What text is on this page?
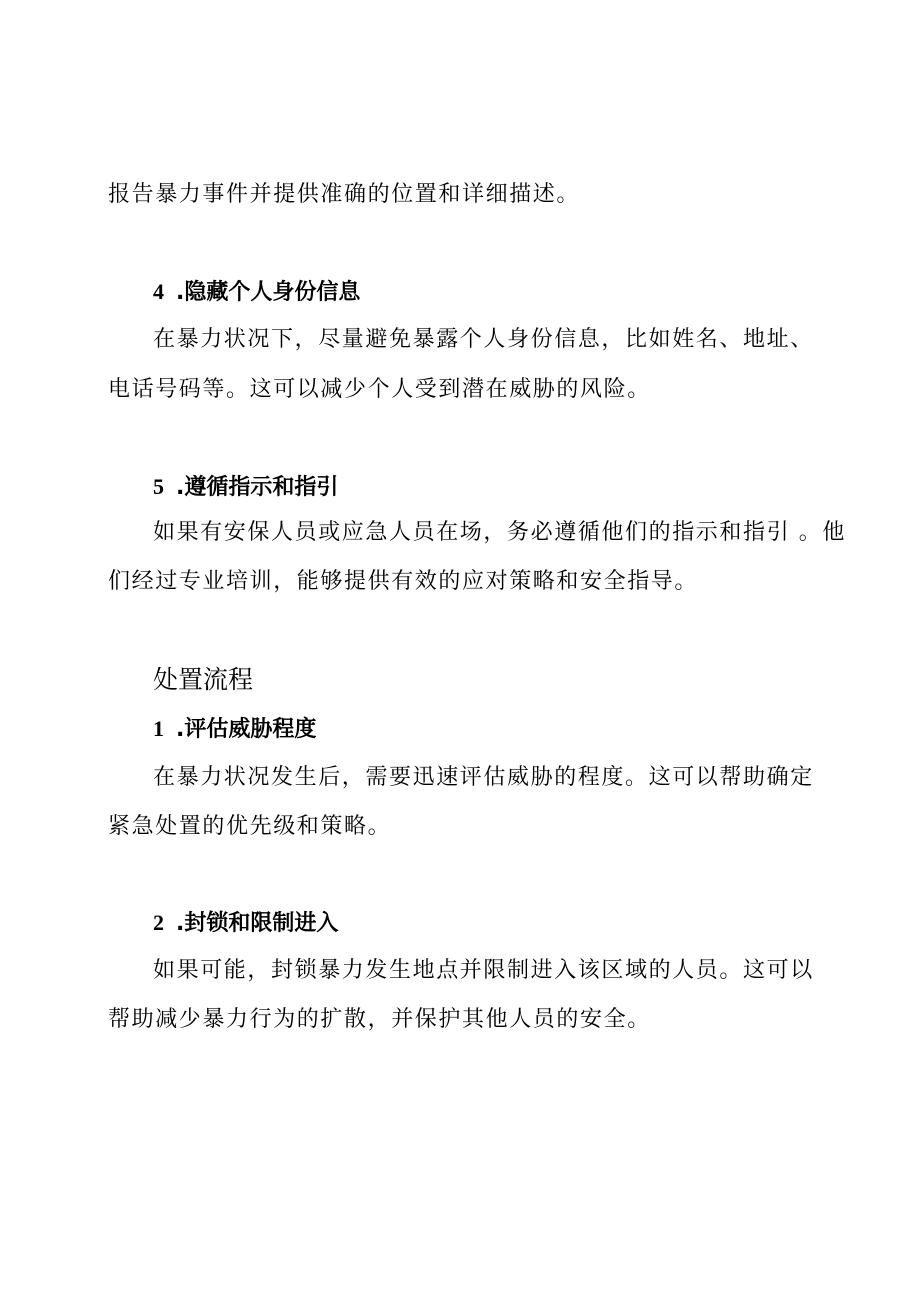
报告暴力事件并提供准确的位置和详细描述。
4 .隐藏个人身份信息
在暴力状况下，尽量避免暴露个人身份信息，比如姓名、地址、
电话号码等。这可以减少个人受到潜在威胁的风险。
5 .遵循指示和指引
如果有安保人员或应急人员在场，务必遵循他们的指示和指引 。他
们经过专业培训，能够提供有效的应对策略和安全指导。
处置流程
1 .评估威胁程度
在暴力状况发生后，需要迅速评估威胁的程度。这可以帮助确定
紧急处置的优先级和策略。
2 .封锁和限制进入
如果可能，封锁暴力发生地点并限制进入该区域的人员。这可以
帮助减少暴力行为的扩散，并保护其他人员的安全。
